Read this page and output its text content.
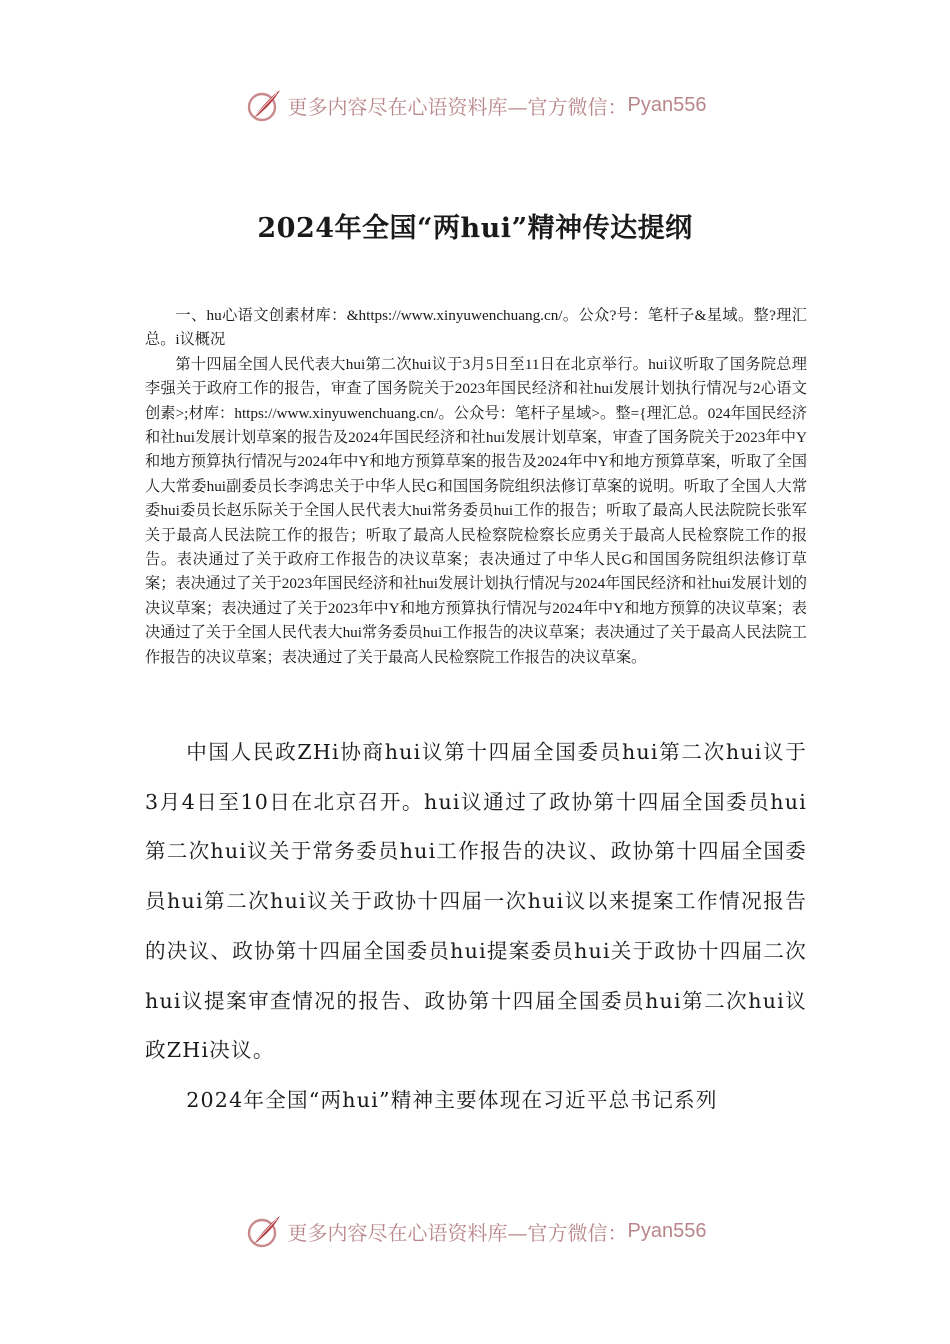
更多内容尽在心语资料库—官方微信： Pyan556
2024年全国“两hui”精神传达提纲

一、hu心语文创素材库：&https://www.xinyuwenchuang.cn/。公众?号：笔杆子&星域。整?理汇总。i议概况

第十四届全国人民代表大hui第二次hui议于3月5日至11日在北京举行。hui议听取了国务院总理李强关于政府工作的报告，审查了国务院关于2023年国民经济和社hui发展计划执行情况与2心语文创素>;材库：https://www.xinyuwenchuang.cn/。公众号：笔杆子星域>。整={理汇总。024年国民经济和社hui发展计划草案的报告及2024年国民经济和社hui发展计划草案，审查了国务院关于2023年中Y和地方预算执行情况与2024年中Y和地方预算草案的报告及2024年中Y和地方预算草案，听取了全国人大常委hui副委员长李鸿忠关于中华人民G和国国务院组织法修订草案的说明。听取了全国人大常委hui委员长赵乐际关于全国人民代表大hui常务委员hui工作的报告；听取了最高人民法院院长张军关于最高人民法院工作的报告；听取了最高人民检察院检察长应勇关于最高人民检察院工作的报告。表决通过了关于政府工作报告的决议草案；表决通过了中华人民G和国国务院组织法修订草案；表决通过了关于2023年国民经济和社hui发展计划执行情况与2024年国民经济和社hui发展计划的决议草案；表决通过了关于2023年中Y和地方预算执行情况与2024年中Y和地方预算的决议草案；表决通过了关于全国人民代表大hui常务委员hui工作报告的决议草案；表决通过了关于最高人民法院工作报告的决议草案；表决通过了关于最高人民检察院工作报告的决议草案。

中国人民政ZHi协商hui议第十四届全国委员hui第二次hui议于3月4日至10日在北京召开。hui议通过了政协第十四届全国委员hui第二次hui议关于常务委员hui工作报告的决议、政协第十四届全国委员hui第二次hui议关于政协十四届一次hui议以来提案工作情况报告的决议、政协第十四届全国委员hui提案委员hui关于政协十四届二次hui议提案审查情况的报告、政协第十四届全国委员hui第二次hui议政ZHi决议。

2024年全国“两hui”精神主要体现在习近平总书记系列

更多内容尽在心语资料库—官方微信： Pyan556
